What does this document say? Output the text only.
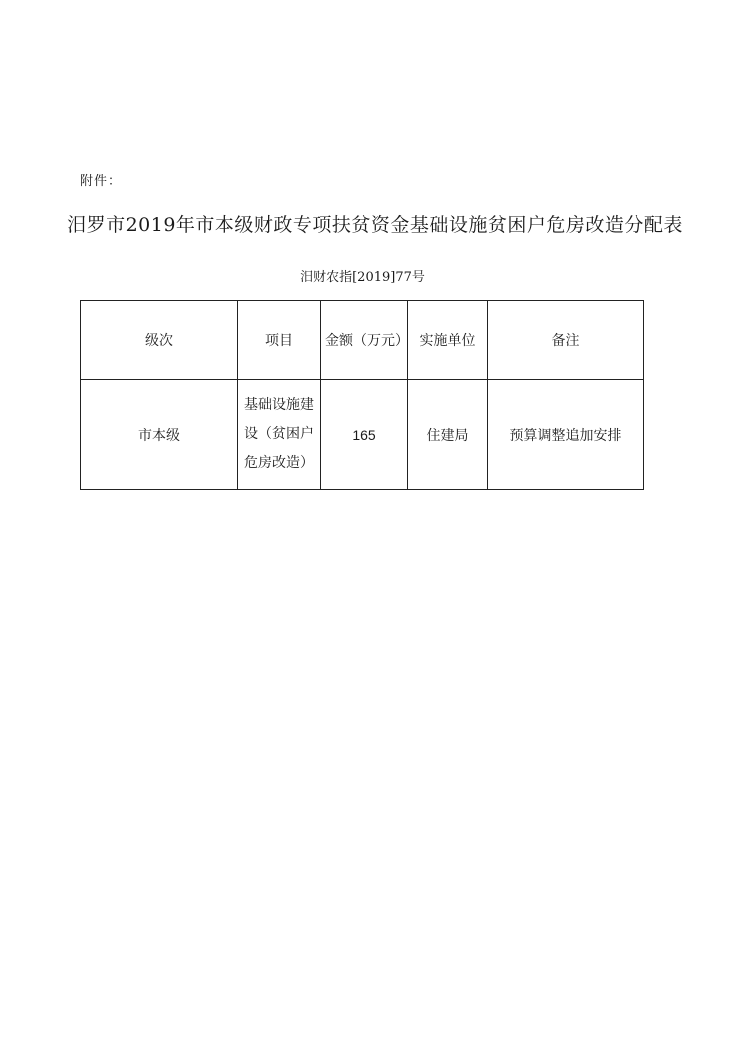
附件：
汨罗市2019年市本级财政专项扶贫资金基础设施贫困户危房改造分配表
汨财农指[2019]77号
级次	项目	金额（万元）	实施单位	备注
市本级	基础设施建设（贫困户危房改造）	165	住建局	预算调整追加安排
